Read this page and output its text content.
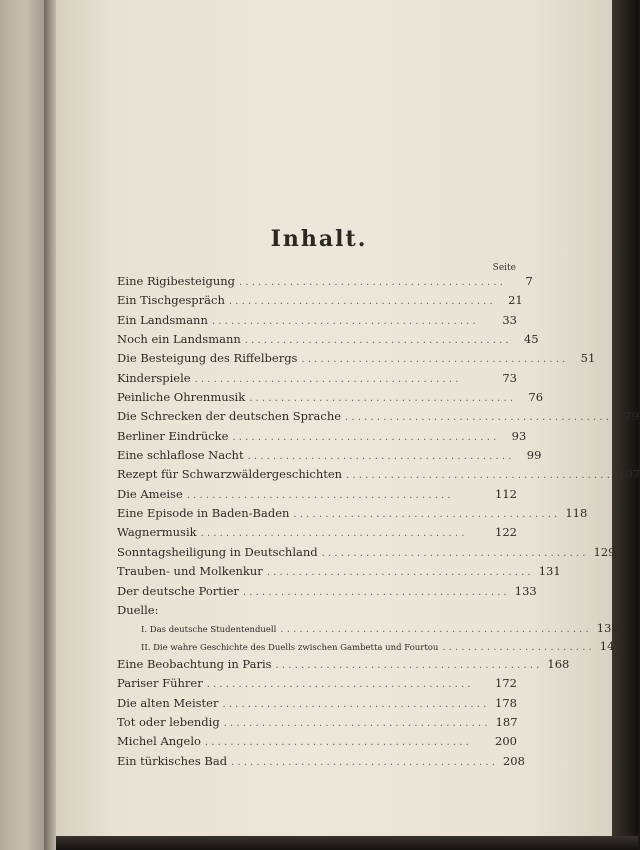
Inhalt.
Seite
Eine Rigibesteigung . . . . . . . . . . . . . . . . . . . . . . . . . . . . . . . . . . . . . . . . . .	7
Ein Tischgespräch . . . . . . . . . . . . . . . . . . . . . . . . . . . . . . . . . . . . . . . . . .	21
Ein Landsmann . . . . . . . . . . . . . . . . . . . . . . . . . . . . . . . . . . . . . . . . . .	33
Noch ein Landsmann . . . . . . . . . . . . . . . . . . . . . . . . . . . . . . . . . . . . . . . . . .	45
Die Besteigung des Riffelbergs . . . . . . . . . . . . . . . . . . . . . . . . . . . . . . . . . . . . . . . . . .	51
Kinderspiele . . . . . . . . . . . . . . . . . . . . . . . . . . . . . . . . . . . . . . . . . .	73
Peinliche Ohrenmusik . . . . . . . . . . . . . . . . . . . . . . . . . . . . . . . . . . . . . . . . . .	76
Die Schrecken der deutschen Sprache . . . . . . . . . . . . . . . . . . . . . . . . . . . . . . . . . . . . . . . . . .	79
Berliner Eindrücke . . . . . . . . . . . . . . . . . . . . . . . . . . . . . . . . . . . . . . . . . .	93
Eine schlaflose Nacht . . . . . . . . . . . . . . . . . . . . . . . . . . . . . . . . . . . . . . . . . .	99
Rezept für Schwarzwäldergeschichten . . . . . . . . . . . . . . . . . . . . . . . . . . . . . . . . . . . . . . . . . . 107
Die Ameise . . . . . . . . . . . . . . . . . . . . . . . . . . . . . . . . . . . . . . . . . .	112
Eine Episode in Baden-Baden . . . . . . . . . . . . . . . . . . . . . . . . . . . . . . . . . . . . . . . . . . 118
Wagnermusik . . . . . . . . . . . . . . . . . . . . . . . . . . . . . . . . . . . . . . . . . .	122
Sonntagsheiligung in Deutschland . . . . . . . . . . . . . . . . . . . . . . . . . . . . . . . . . . . . . . . . . . 129
Trauben- und Molkenkur . . . . . . . . . . . . . . . . . . . . . . . . . . . . . . . . . . . . . . . . . . 131
Der deutsche Portier . . . . . . . . . . . . . . . . . . . . . . . . . . . . . . . . . . . . . . . . . . 133
Duelle:
I. Das deutsche Studentenduell . . . . . . . . . . . . . . . . . . . . . . . . . . . . . . . . . . . . . . . . . . . . . . . . . 137
II. Die wahre Geschichte des Duells zwischen Gambetta und Fourtou . . . . . . . . . . . . . . . . . . . . . . . . 147
Eine Beobachtung in Paris . . . . . . . . . . . . . . . . . . . . . . . . . . . . . . . . . . . . . . . . . . 168
Pariser Führer . . . . . . . . . . . . . . . . . . . . . . . . . . . . . . . . . . . . . . . . . .	172
Die alten Meister . . . . . . . . . . . . . . . . . . . . . . . . . . . . . . . . . . . . . . . . . . 178
Tot oder lebendig . . . . . . . . . . . . . . . . . . . . . . . . . . . . . . . . . . . . . . . . . . 187
Michel Angelo . . . . . . . . . . . . . . . . . . . . . . . . . . . . . . . . . . . . . . . . . .	200
Ein türkisches Bad . . . . . . . . . . . . . . . . . . . . . . . . . . . . . . . . . . . . . . . . . . 208
